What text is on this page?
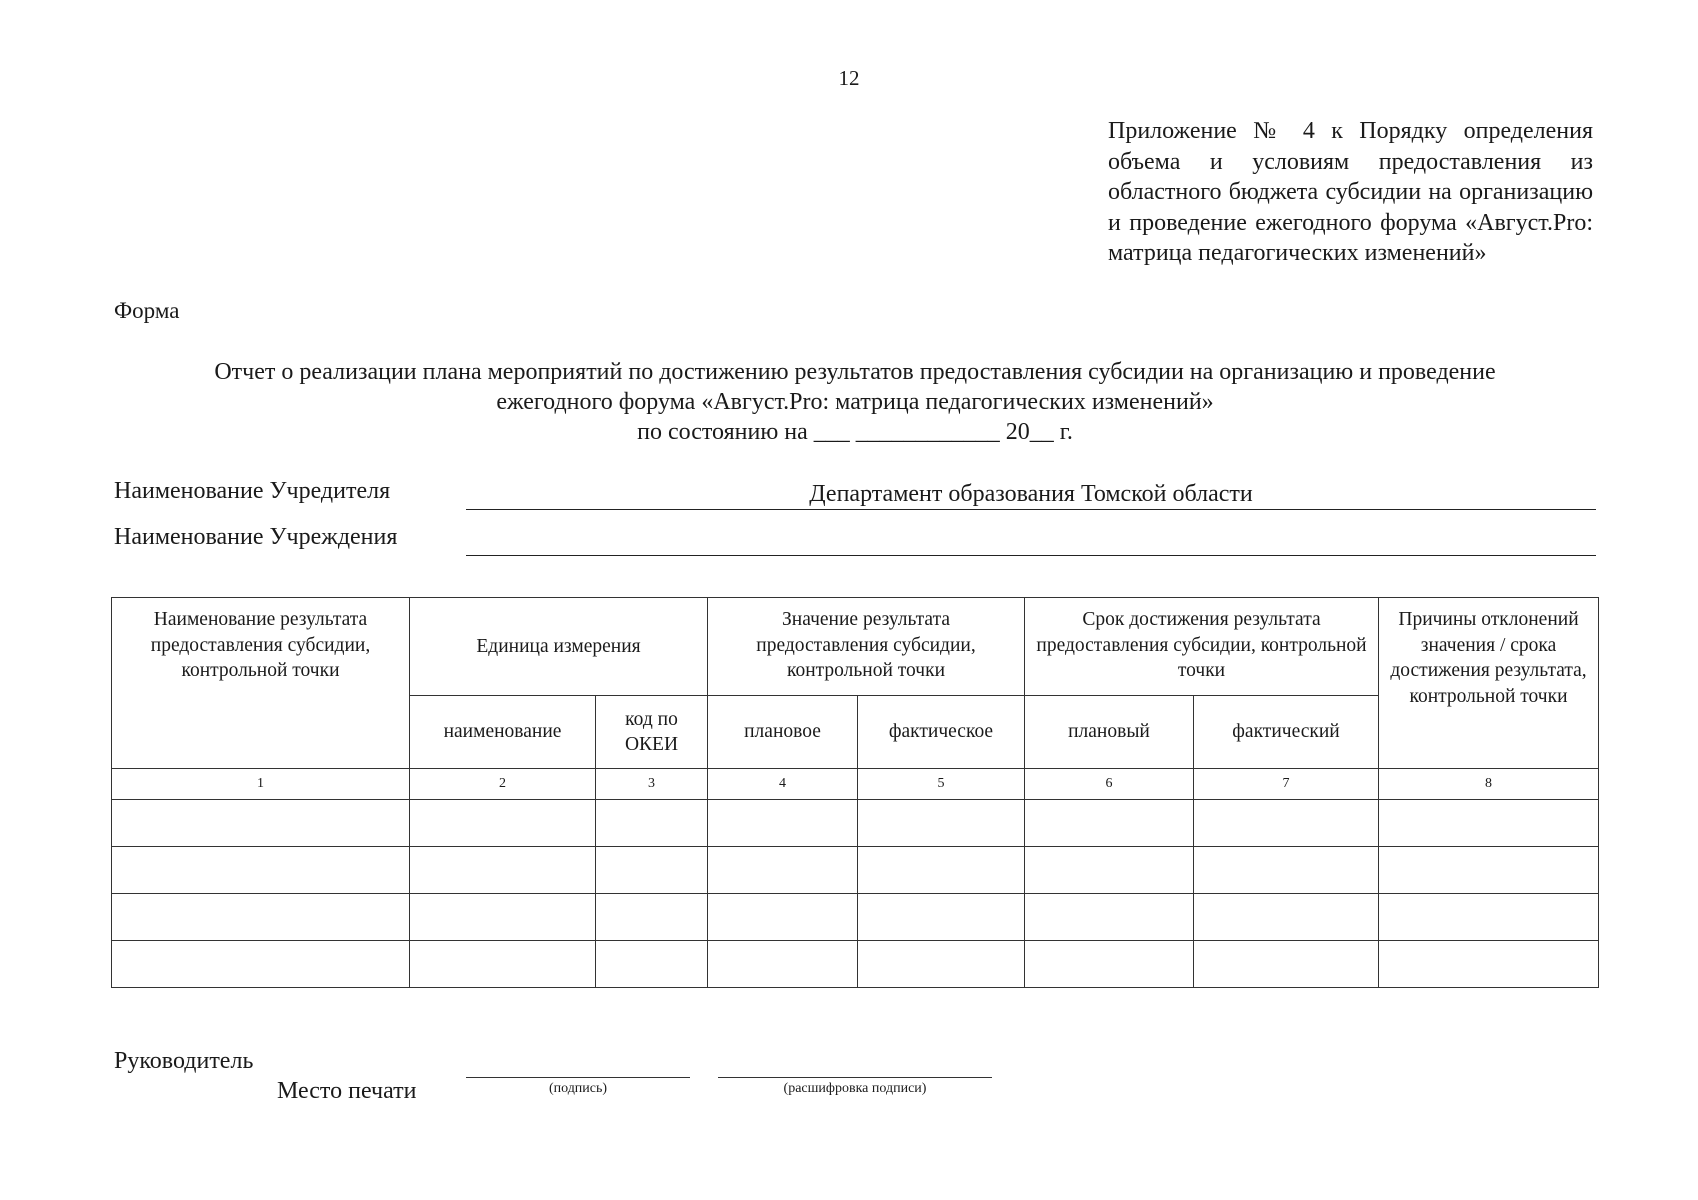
12
Приложение № 4 к Порядку определения объема и условиям предоставления из областного бюджета субсидии на организацию и проведение ежегодного форума «Август.Pro: матрица педагогических изменений»
Форма
Отчет о реализации плана мероприятий по достижению результатов предоставления субсидии на организацию и проведение
ежегодного форума «Август.Pro: матрица педагогических изменений»
по состоянию на ___ ____________ 20__ г.
Наименование Учредителя	Департамент образования Томской области
Наименование Учреждения
Наименование результата предоставления субсидии, контрольной точки	Единица измерения		Значение результата предоставления субсидии, контрольной точки		Срок достижения результата предоставления субсидии, контрольной точки		Причины отклонений значения / срока достижения результата, контрольной точки
	наименование	код по ОКЕИ	плановое	фактическое	плановый	фактический	
1	2	3	4	5	6	7	8

Руководитель
Место печати	(подпись)	(расшифровка подписи)
